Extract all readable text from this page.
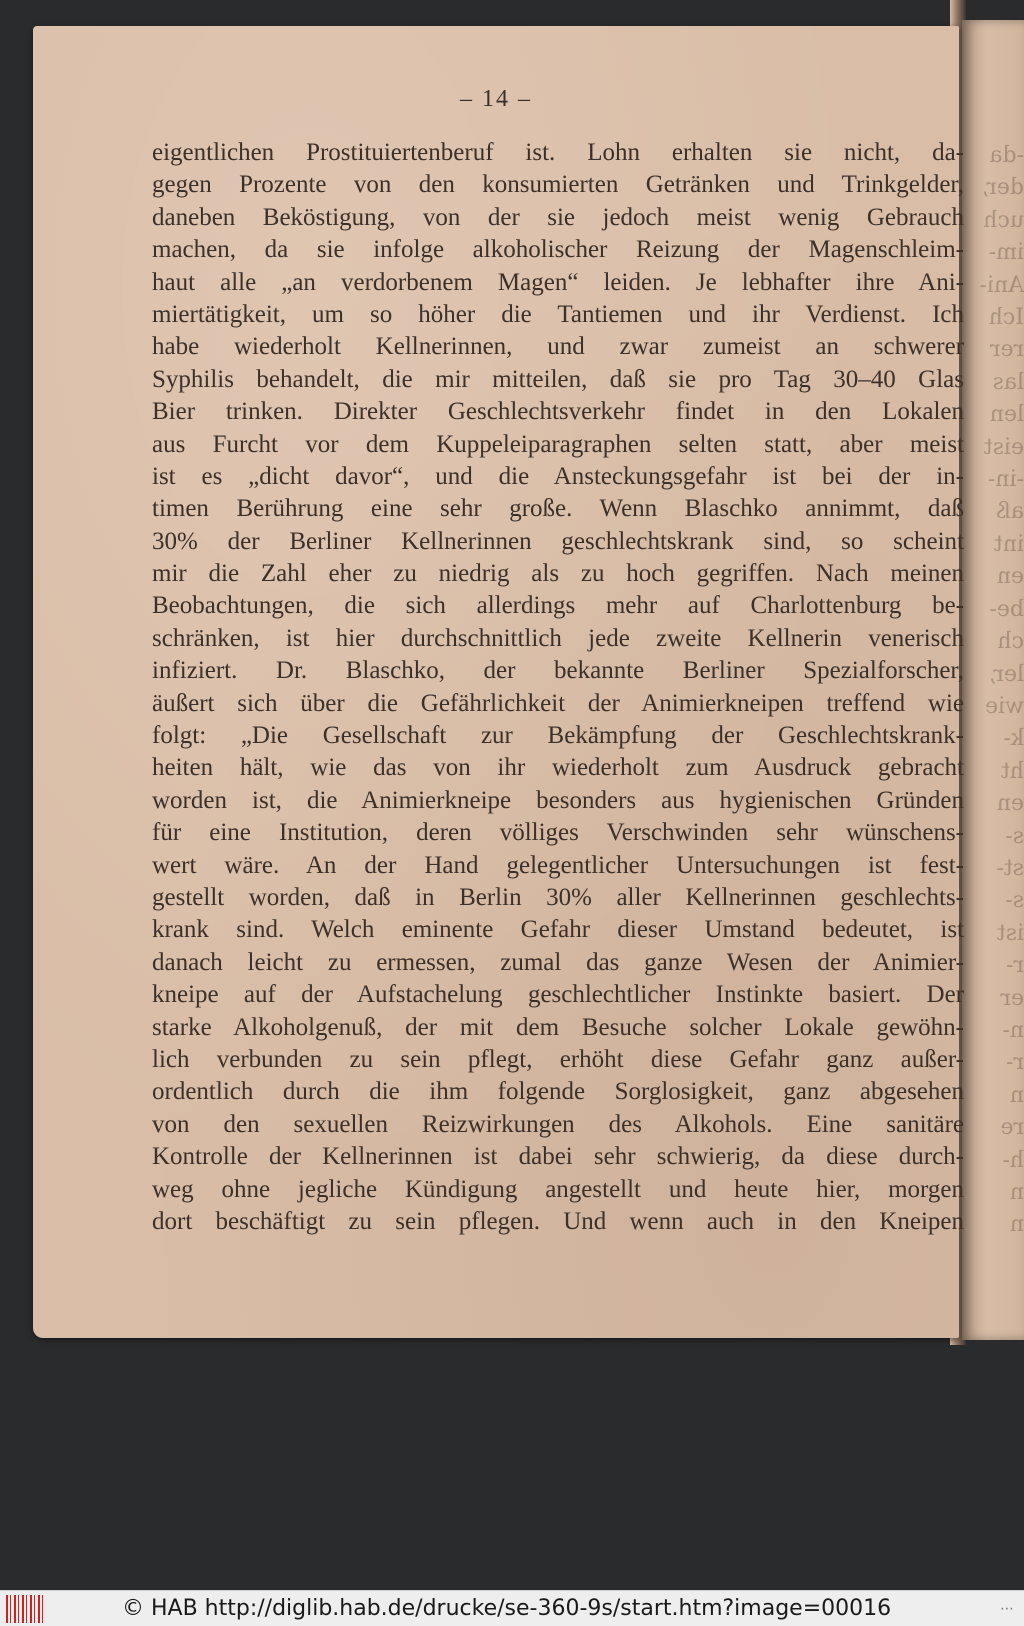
-da
der,
uch
im-
Ani-
Ich
rer
las
len
eist
-in-
aß
int
en
be-
ch
ler,
wie
k-
ht
en
s-
st-
s-
ist
r-
er
n-
r-
n
re
h-
n
n
– 14 –
eigentlichen Prostituiertenberuf ist. Lohn erhalten sie nicht, da-
gegen Prozente von den konsumierten Getränken und Trinkgelder,
daneben Beköstigung, von der sie jedoch meist wenig Gebrauch
machen, da sie infolge alkoholischer Reizung der Magenschleim-
haut alle „an verdorbenem Magen“ leiden. Je lebhafter ihre Ani-
miertätigkeit, um so höher die Tantiemen und ihr Verdienst. Ich
habe wiederholt Kellnerinnen, und zwar zumeist an schwerer
Syphilis behandelt, die mir mitteilen, daß sie pro Tag 30–40 Glas
Bier trinken. Direkter Geschlechtsverkehr findet in den Lokalen
aus Furcht vor dem Kuppeleiparagraphen selten statt, aber meist
ist es „dicht davor“, und die Ansteckungsgefahr ist bei der in-
timen Berührung eine sehr große. Wenn Blaschko annimmt, daß
30% der Berliner Kellnerinnen geschlechtskrank sind, so scheint
mir die Zahl eher zu niedrig als zu hoch gegriffen. Nach meinen
Beobachtungen, die sich allerdings mehr auf Charlottenburg be-
schränken, ist hier durchschnittlich jede zweite Kellnerin venerisch
infiziert. Dr. Blaschko, der bekannte Berliner Spezialforscher,
äußert sich über die Gefährlichkeit der Animierkneipen treffend wie
folgt: „Die Gesellschaft zur Bekämpfung der Geschlechtskrank-
heiten hält, wie das von ihr wiederholt zum Ausdruck gebracht
worden ist, die Animierkneipe besonders aus hygienischen Gründen
für eine Institution, deren völliges Verschwinden sehr wünschens-
wert wäre. An der Hand gelegentlicher Untersuchungen ist fest-
gestellt worden, daß in Berlin 30% aller Kellnerinnen geschlechts-
krank sind. Welch eminente Gefahr dieser Umstand bedeutet, ist
danach leicht zu ermessen, zumal das ganze Wesen der Animier-
kneipe auf der Aufstachelung geschlechtlicher Instinkte basiert. Der
starke Alkoholgenuß, der mit dem Besuche solcher Lokale gewöhn-
lich verbunden zu sein pflegt, erhöht diese Gefahr ganz außer-
ordentlich durch die ihm folgende Sorglosigkeit, ganz abgesehen
von den sexuellen Reizwirkungen des Alkohols. Eine sanitäre
Kontrolle der Kellnerinnen ist dabei sehr schwierig, da diese durch-
weg ohne jegliche Kündigung angestellt und heute hier, morgen
dort beschäftigt zu sein pflegen. Und wenn auch in den Kneipen
© HAB http://diglib.hab.de/drucke/se-360-9s/start.htm?image=00016	⋯
